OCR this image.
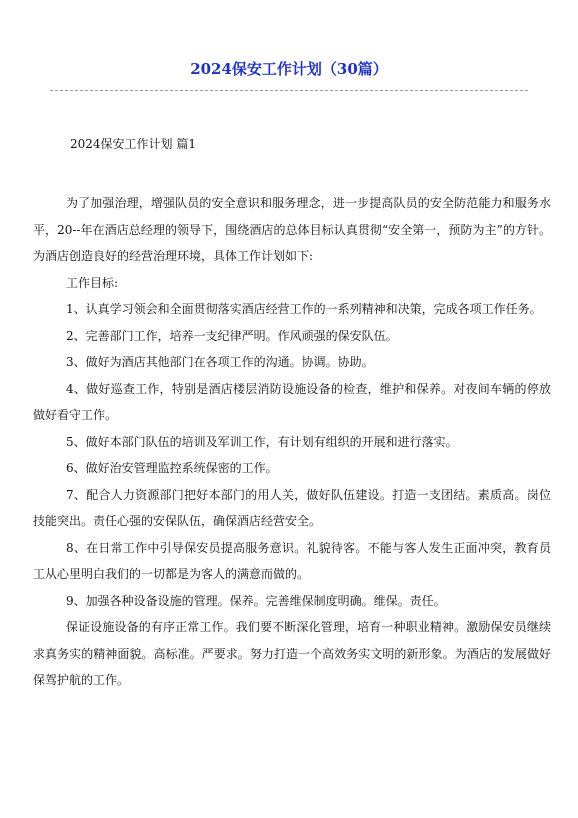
2024保安工作计划（30篇）

2024保安工作计划 篇1

为了加强治理，增强队员的安全意识和服务理念，进一步提高队员的安全防范能力和服务水平，20--年在酒店总经理的领导下，围绕酒店的总体目标认真贯彻“安全第一，预防为主”的方针。为酒店创造良好的经营治理环境，具体工作计划如下:

工作目标:

1、认真学习领会和全面贯彻落实酒店经营工作的一系列精神和决策，完成各项工作任务。

2、完善部门工作，培养一支纪律严明。作风顽强的保安队伍。

3、做好为酒店其他部门在各项工作的沟通。协调。协助。

4、做好巡查工作，特别是酒店楼层消防设施设备的检查，维护和保养。对夜间车辆的停放做好看守工作。

5、做好本部门队伍的培训及军训工作，有计划有组织的开展和进行落实。

6、做好治安管理监控系统保密的工作。

7、配合人力资源部门把好本部门的用人关，做好队伍建设。打造一支团结。素质高。岗位技能突出。责任心强的安保队伍，确保酒店经营安全。

8、在日常工作中引导保安员提高服务意识。礼貌待客。不能与客人发生正面冲突，教育员工从心里明白我们的一切都是为客人的满意而做的。

9、加强各种设备设施的管理。保养。完善维保制度明确。维保。责任。

保证设施设备的有序正常工作。我们要不断深化管理，培育一种职业精神。激励保安员继续求真务实的精神面貌。高标准。严要求。努力打造一个高效务实文明的新形象。为酒店的发展做好保驾护航的工作。
